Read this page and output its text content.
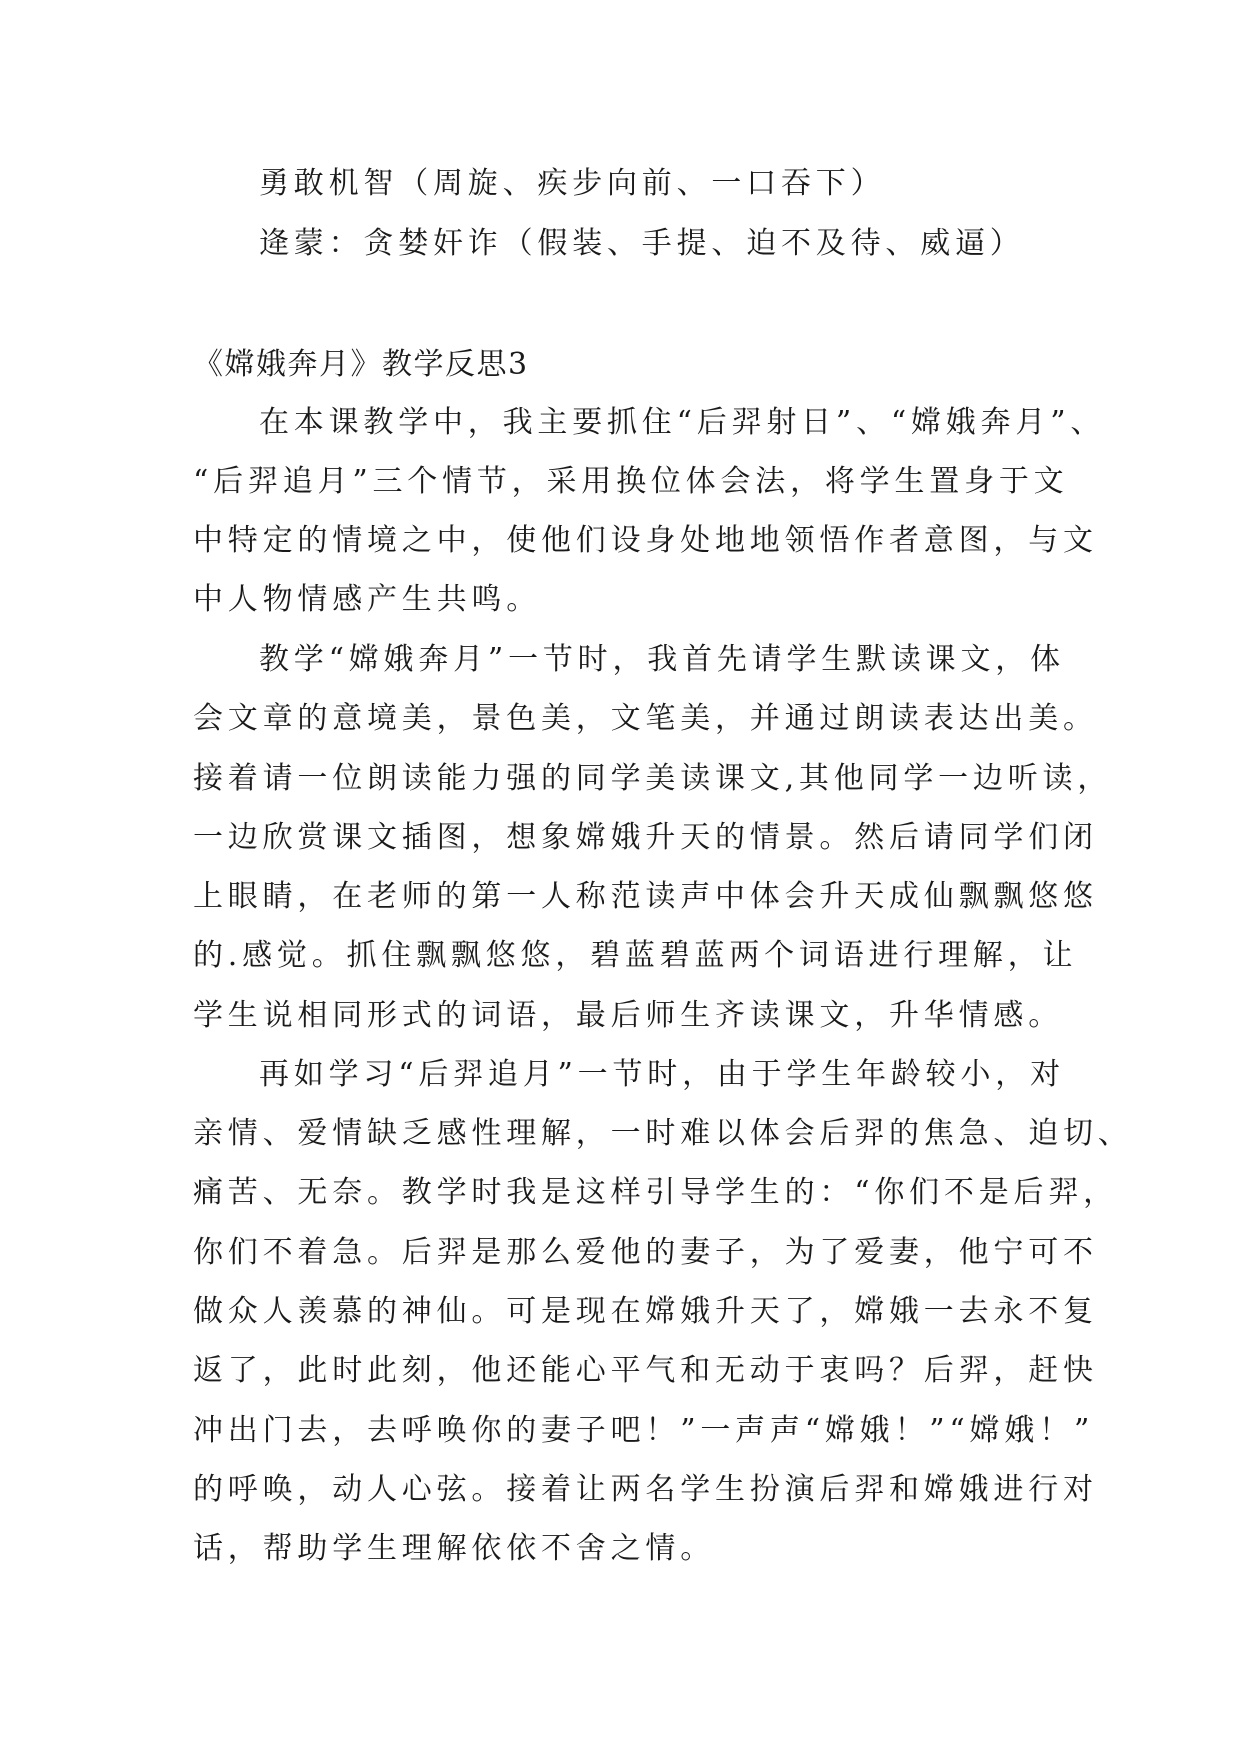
勇敢机智（周旋、疾步向前、一口吞下）
逄蒙：贪婪奸诈（假装、手提、迫不及待、威逼）
《嫦娥奔月》教学反思3
在本课教学中，我主要抓住“后羿射日”、“嫦娥奔月”、
“后羿追月”三个情节，采用换位体会法，将学生置身于文
中特定的情境之中，使他们设身处地地领悟作者意图，与文
中人物情感产生共鸣。
教学“嫦娥奔月”一节时，我首先请学生默读课文，体
会文章的意境美，景色美，文笔美，并通过朗读表达出美。
接着请一位朗读能力强的同学美读课文,其他同学一边听读，
一边欣赏课文插图，想象嫦娥升天的情景。然后请同学们闭
上眼睛，在老师的第一人称范读声中体会升天成仙飘飘悠悠
的.感觉。抓住飘飘悠悠，碧蓝碧蓝两个词语进行理解，让
学生说相同形式的词语，最后师生齐读课文，升华情感。
再如学习“后羿追月”一节时，由于学生年龄较小，对
亲情、爱情缺乏感性理解，一时难以体会后羿的焦急、迫切、
痛苦、无奈。教学时我是这样引导学生的：“你们不是后羿，
你们不着急。后羿是那么爱他的妻子，为了爱妻，他宁可不
做众人羡慕的神仙。可是现在嫦娥升天了，嫦娥一去永不复
返了，此时此刻，他还能心平气和无动于衷吗？后羿，赶快
冲出门去，去呼唤你的妻子吧！”一声声“嫦娥！”“嫦娥！”
的呼唤，动人心弦。接着让两名学生扮演后羿和嫦娥进行对
话，帮助学生理解依依不舍之情。
